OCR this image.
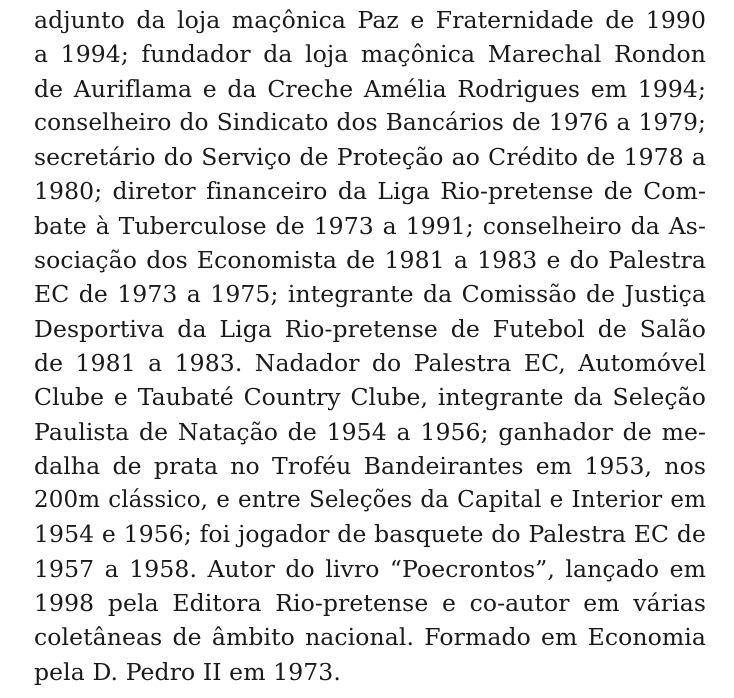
adjunto da loja maçônica Paz e Fraternidade de 1990
a 1994; fundador da loja maçônica Marechal Rondon
de Auriflama e da Creche Amélia Rodrigues em 1994;
conselheiro do Sindicato dos Bancários de 1976 a 1979;
secretário do Serviço de Proteção ao Crédito de 1978 a
1980; diretor financeiro da Liga Rio-pretense de Com-
bate à Tuberculose de 1973 a 1991; conselheiro da As-
sociação dos Economista de 1981 a 1983 e do Palestra
EC de 1973 a 1975; integrante da Comissão de Justiça
Desportiva da Liga Rio-pretense de Futebol de Salão
de 1981 a 1983. Nadador do Palestra EC, Automóvel
Clube e Taubaté Country Clube, integrante da Seleção
Paulista de Natação de 1954 a 1956; ganhador de me-
dalha de prata no Troféu Bandeirantes em 1953, nos
200m clássico, e entre Seleções da Capital e Interior em
1954 e 1956; foi jogador de basquete do Palestra EC de
1957 a 1958. Autor do livro “Poecrontos”, lançado em
1998 pela Editora Rio-pretense e co-autor em várias
coletâneas de âmbito nacional. Formado em Economia
pela D. Pedro II em 1973.
